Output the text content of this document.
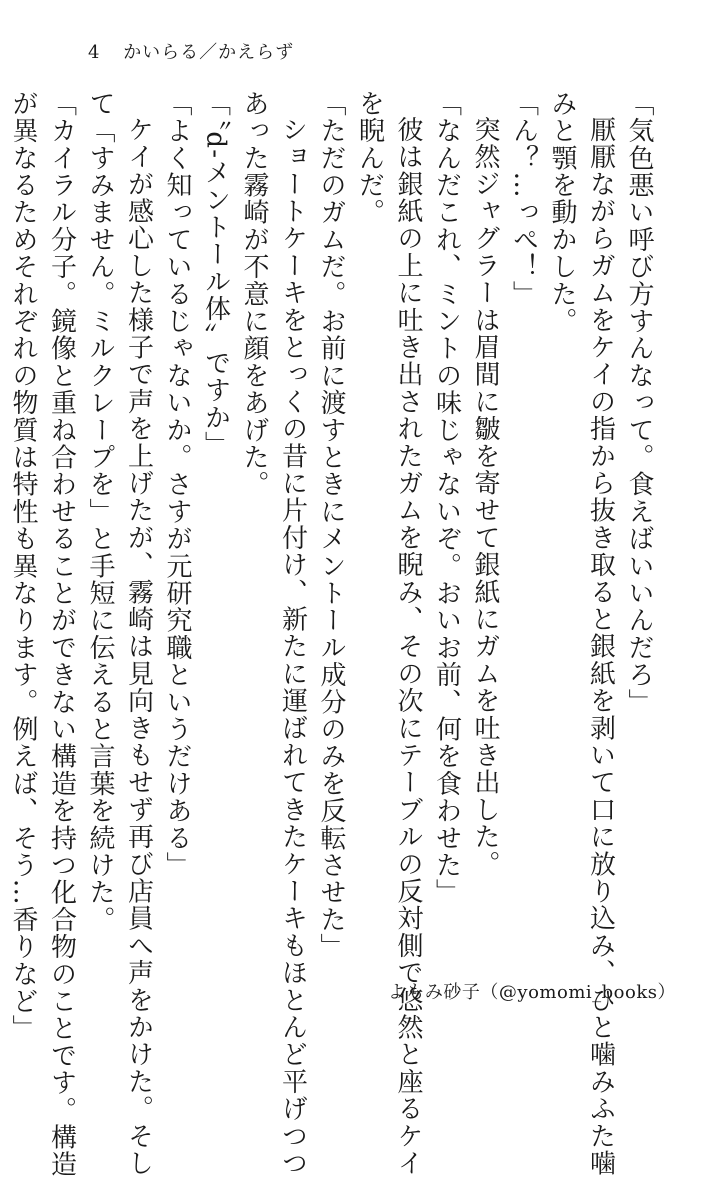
4 かいらる／かえらず

「気色悪い呼び方すんなって。食えばいいんだろ」

厭厭ながらガムをケイの指から抜き取ると銀紙を剥いて口に放り込み、ひと噛みふた噛

みと顎を動かした。

「ん？…っぺ！」

突然ジャグラーは眉間に皺を寄せて銀紙にガムを吐き出した。

「なんだこれ、ミントの味じゃないぞ。おいお前、何を食わせた」

彼は銀紙の上に吐き出されたガムを睨み、その次にテーブルの反対側で悠然と座るケイ

を睨んだ。

「ただのガムだ。お前に渡すときにメントール成分のみを反転させた」

ショートケーキをとっくの昔に片付け、新たに運ばれてきたケーキもほとんど平げつつ

あった霧崎が不意に顔をあげた。

「〝d-メントール体〟ですか」

「よく知っているじゃないか。さすが元研究職というだけある」

ケイが感心した様子で声を上げたが、霧崎は見向きもせず再び店員へ声をかけた。そし

て「すみません。ミルクレープを」と手短に伝えると言葉を続けた。

「カイラル分子。鏡像と重ね合わせることができない構造を持つ化合物のことです。構造

が異なるためそれぞれの物質は特性も異なります。例えば、そう…香りなど」	よもみ砂子（@yomomi_books）
